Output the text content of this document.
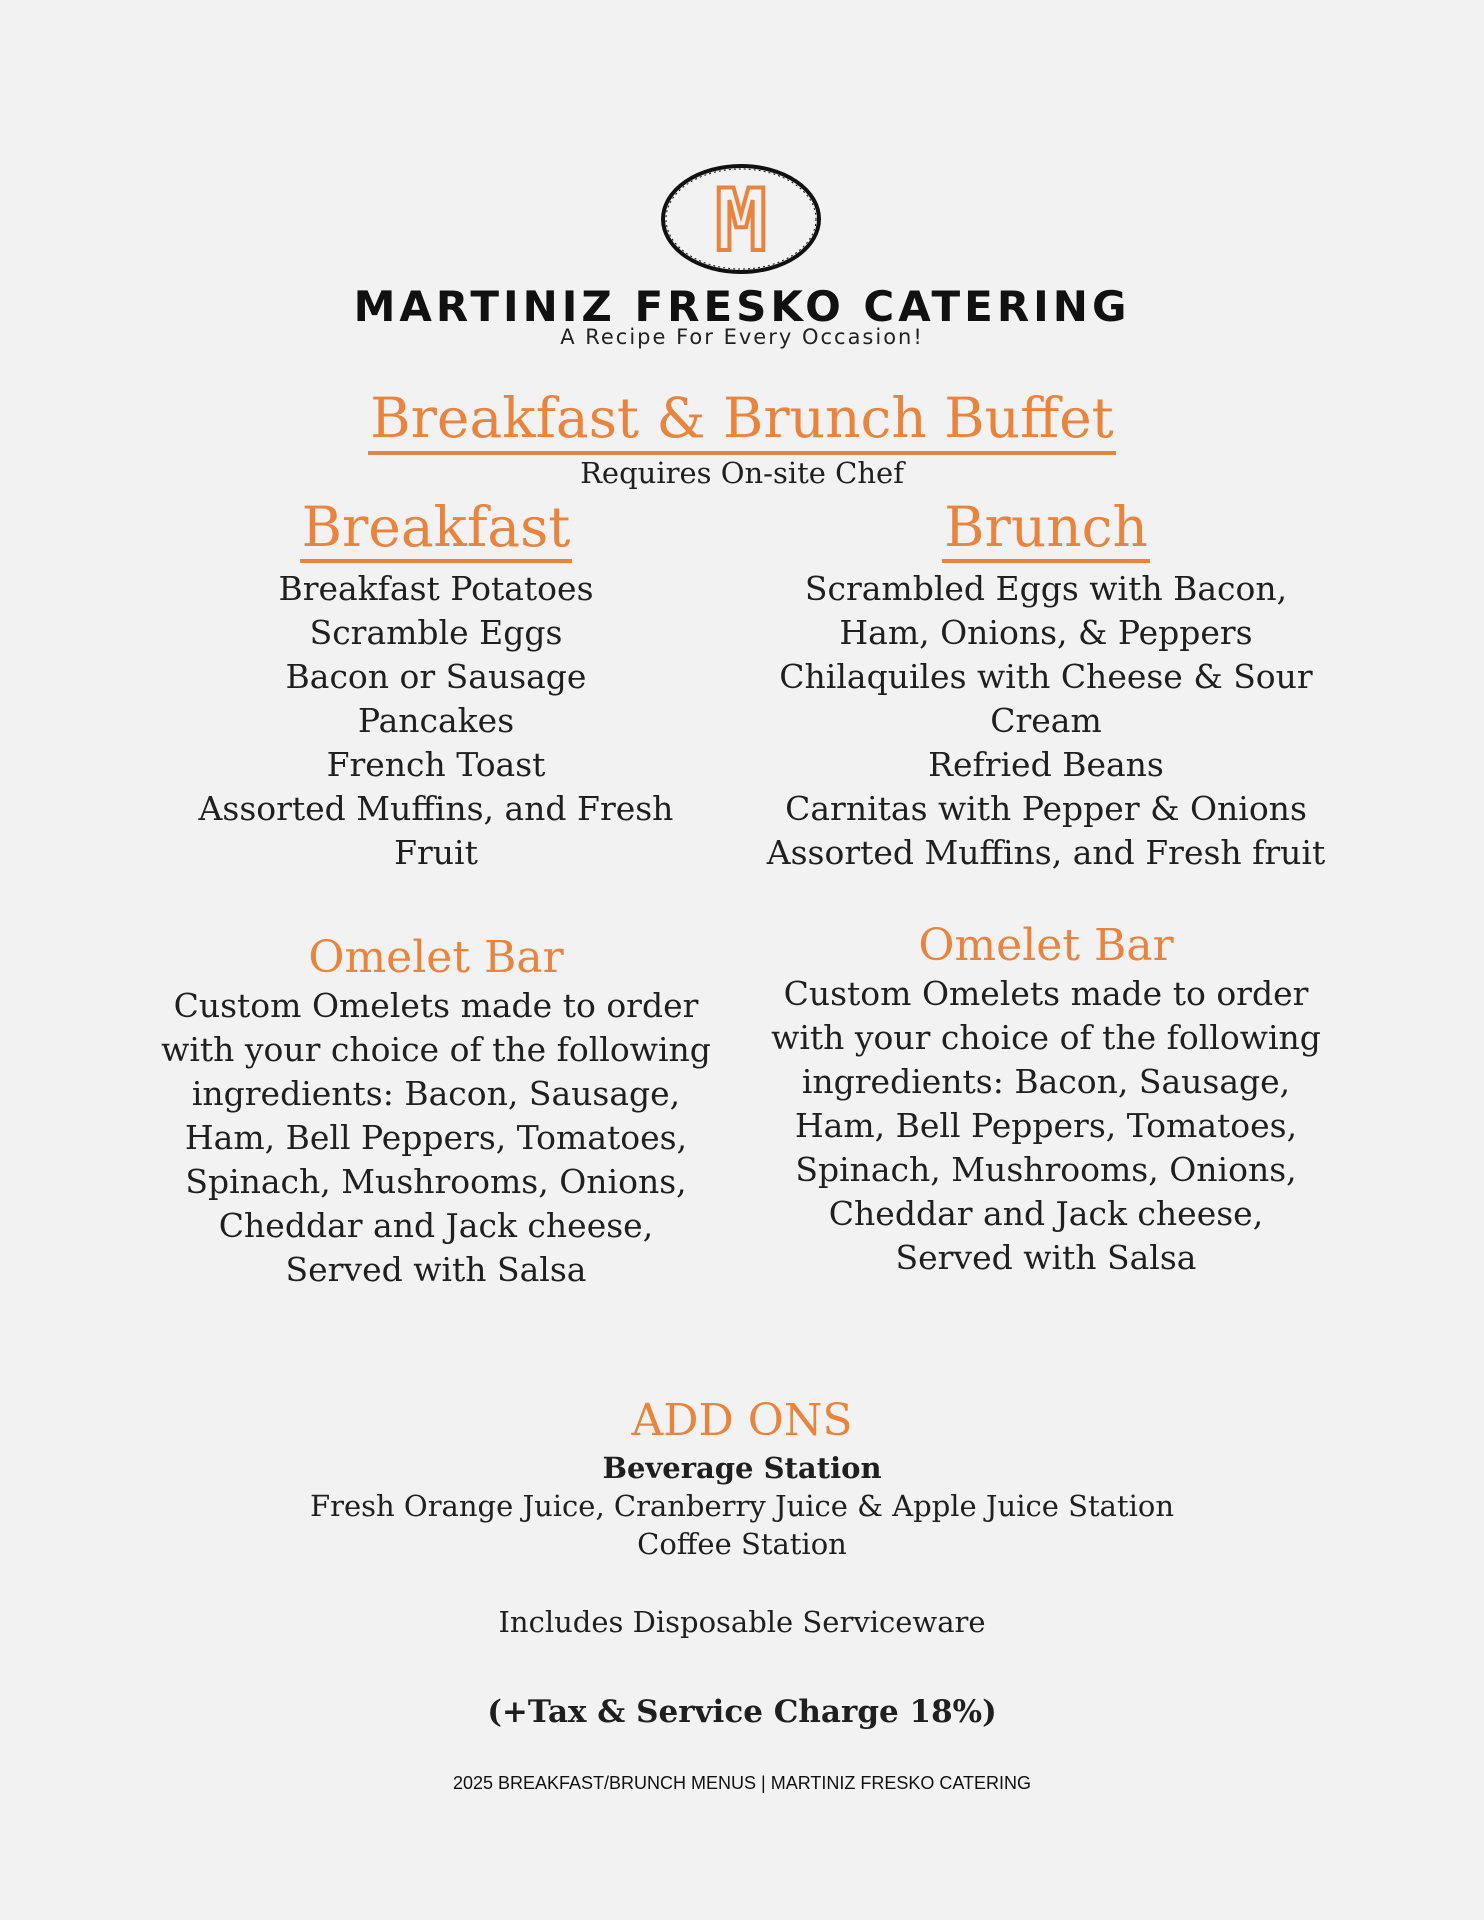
M
MARTINIZ FRESKO CATERING
A Recipe For Every Occasion!
Breakfast & Brunch Buffet
Requires On-site Chef
Breakfast
Breakfast Potatoes
Scramble Eggs
Bacon or Sausage
Pancakes
French Toast
Assorted Muffins, and Fresh
Fruit
Brunch
Scrambled Eggs with Bacon,
Ham, Onions, & Peppers
Chilaquiles with Cheese & Sour
Cream
Refried Beans
Carnitas with Pepper & Onions
Assorted Muffins, and Fresh fruit
Omelet Bar
Custom Omelets made to order
with your choice of the following
ingredients: Bacon, Sausage,
Ham, Bell Peppers, Tomatoes,
Spinach, Mushrooms, Onions,
Cheddar and Jack cheese,
Served with Salsa
Omelet Bar
Custom Omelets made to order
with your choice of the following
ingredients: Bacon, Sausage,
Ham, Bell Peppers, Tomatoes,
Spinach, Mushrooms, Onions,
Cheddar and Jack cheese,
Served with Salsa
ADD ONS
Beverage Station
Fresh Orange Juice, Cranberry Juice & Apple Juice Station
Coffee Station
Includes Disposable Serviceware
(+Tax & Service Charge 18%)
2025 BREAKFAST/BRUNCH MENUS | MARTINIZ FRESKO CATERING
